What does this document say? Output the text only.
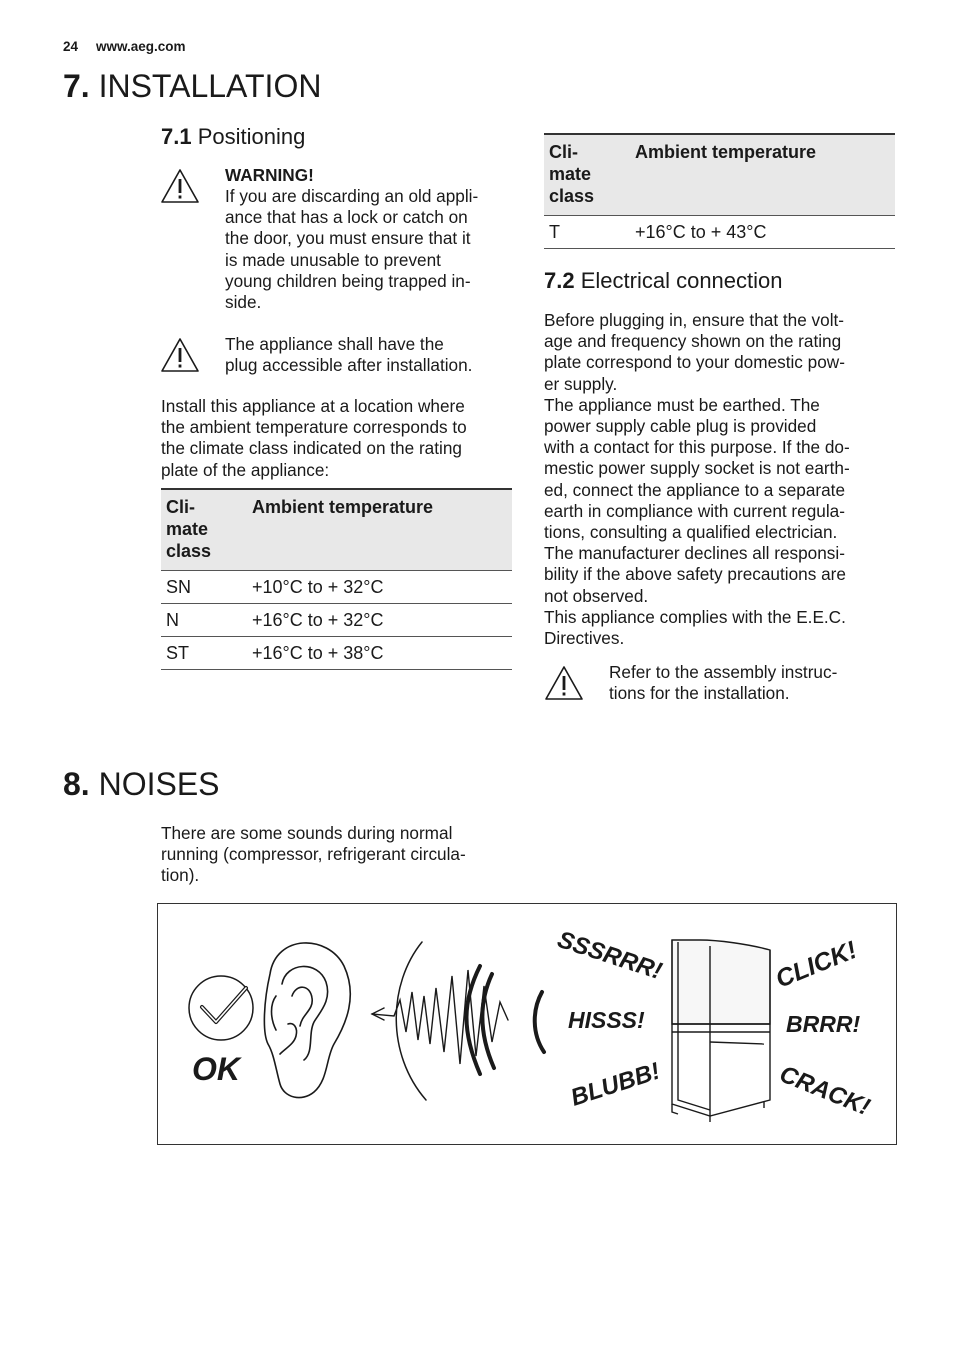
24 www.aeg.com
7. INSTALLATION
7.1 Positioning
WARNING!
If you are discarding an old appli-
ance that has a lock or catch on
the door, you must ensure that it
is made unusable to prevent
young children being trapped in-
side.
The appliance shall have the
plug accessible after installation.
Install this appliance at a location where
the ambient temperature corresponds to
the climate class indicated on the rating
plate of the appliance:
Cli-
mate
class	Ambient temperature
SN	+10°C to + 32°C
N	+16°C to + 32°C
ST	+16°C to + 38°C
Cli-
mate
class	Ambient temperature
T	+16°C to + 43°C
7.2 Electrical connection
Before plugging in, ensure that the volt-
age and frequency shown on the rating
plate correspond to your domestic pow-
er supply.
The appliance must be earthed. The
power supply cable plug is provided
with a contact for this purpose. If the do-
mestic power supply socket is not earth-
ed, connect the appliance to a separate
earth in compliance with current regula-
tions, consulting a qualified electrician.
The manufacturer declines all responsi-
bility if the above safety precautions are
not observed.
This appliance complies with the E.E.C.
Directives.
Refer to the assembly instruc-
tions for the installation.
8. NOISES
There are some sounds during normal
running (compressor, refrigerant circula-
tion).
OK
SSSRRR!
HISSS!
BLUBB!
CLICK!
BRRR!
CRACK!
